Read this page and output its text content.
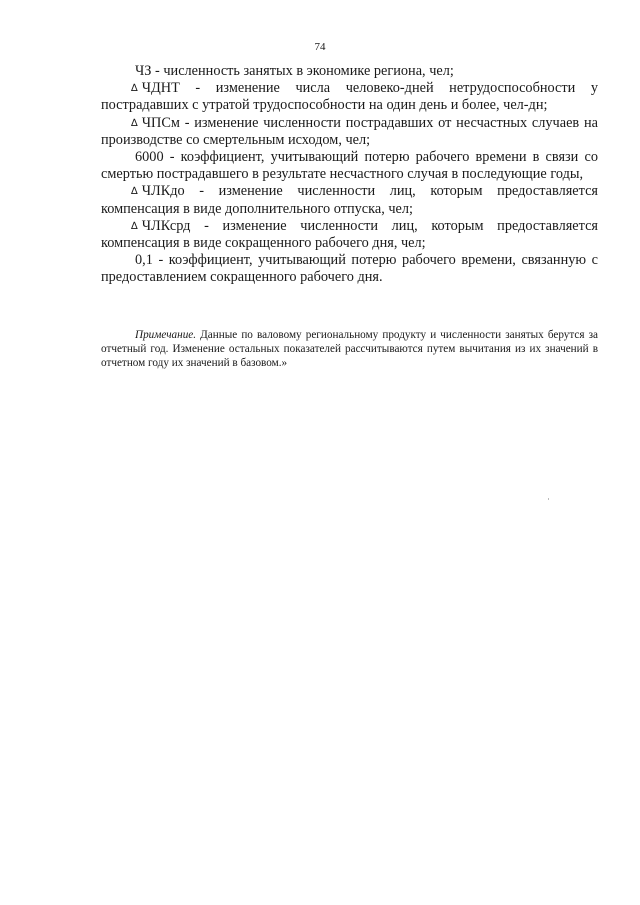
74

ЧЗ - численность занятых в экономике региона, чел;

∆ ЧДНТ - изменение числа человеко-дней нетрудоспособности у пострадавших с утратой трудоспособности на один день и более, чел-дн;

∆ ЧПСм - изменение численности пострадавших от несчастных случаев на производстве со смертельным исходом, чел;

6000 - коэффициент, учитывающий потерю рабочего времени в связи со смертью пострадавшего в результате несчастного случая в последующие годы,

∆ ЧЛКдо - изменение численности лиц, которым предоставляется компенсация в виде дополнительного отпуска, чел;

∆ ЧЛКсрд - изменение численности лиц, которым предоставляется компенсация в виде сокращенного рабочего дня, чел;

0,1 - коэффициент, учитывающий потерю рабочего времени, связанную с предоставлением сокращенного рабочего дня.

Примечание. Данные по валовому региональному продукту и численности занятых берутся за отчетный год. Изменение остальных показателей рассчитываются путем вычитания из их значений в отчетном году их значений в базовом.»
